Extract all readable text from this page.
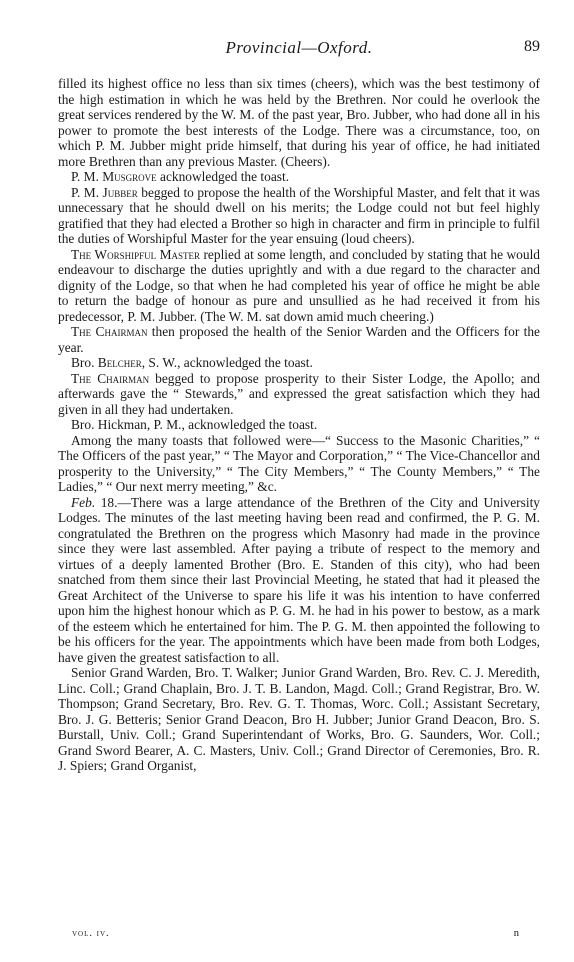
Provincial—Oxford.	89

filled its highest office no less than six times (cheers), which was the best testimony of the high estimation in which he was held by the Brethren. Nor could he overlook the great services rendered by the W. M. of the past year, Bro. Jubber, who had done all in his power to promote the best interests of the Lodge. There was a circumstance, too, on which P. M. Jubber might pride himself, that during his year of office, he had initiated more Brethren than any previous Master. (Cheers).

P. M. Musgrove acknowledged the toast.

P. M. Jubber begged to propose the health of the Worshipful Master, and felt that it was unnecessary that he should dwell on his merits; the Lodge could not but feel highly gratified that they had elected a Brother so high in character and firm in principle to fulfil the duties of Worshipful Master for the year ensuing (loud cheers).

The Worshipful Master replied at some length, and concluded by stating that he would endeavour to discharge the duties uprightly and with a due regard to the character and dignity of the Lodge, so that when he had completed his year of office he might be able to return the badge of honour as pure and unsullied as he had received it from his predecessor, P. M. Jubber. (The W. M. sat down amid much cheering.)

The Chairman then proposed the health of the Senior Warden and the Officers for the year.

Bro. Belcher, S. W., acknowledged the toast.

The Chairman begged to propose prosperity to their Sister Lodge, the Apollo; and afterwards gave the “ Stewards,” and expressed the great satisfaction which they had given in all they had undertaken.

Bro. Hickman, P. M., acknowledged the toast.

Among the many toasts that followed were—“ Success to the Masonic Charities,” “ The Officers of the past year,” “ The Mayor and Corporation,” “ The Vice-Chancellor and prosperity to the University,” “ The City Members,” “ The County Members,” “ The Ladies,” “ Our next merry meeting,” &c.

Feb. 18.—There was a large attendance of the Brethren of the City and University Lodges. The minutes of the last meeting having been read and confirmed, the P. G. M. congratulated the Brethren on the progress which Masonry had made in the province since they were last assembled. After paying a tribute of respect to the memory and virtues of a deeply lamented Brother (Bro. E. Standen of this city), who had been snatched from them since their last Provincial Meeting, he stated that had it pleased the Great Architect of the Universe to spare his life it was his intention to have conferred upon him the highest honour which as P. G. M. he had in his power to bestow, as a mark of the esteem which he entertained for him. The P. G. M. then appointed the following to be his officers for the year. The appointments which have been made from both Lodges, have given the greatest satisfaction to all.

Senior Grand Warden, Bro. T. Walker; Junior Grand Warden, Bro. Rev. C. J. Meredith, Linc. Coll.; Grand Chaplain, Bro. J. T. B. Landon, Magd. Coll.; Grand Registrar, Bro. W. Thompson; Grand Secretary, Bro. Rev. G. T. Thomas, Worc. Coll.; Assistant Secretary, Bro. J. G. Betteris; Senior Grand Deacon, Bro H. Jubber; Junior Grand Deacon, Bro. S. Burstall, Univ. Coll.; Grand Superintendant of Works, Bro. G. Saunders, Wor. Coll.; Grand Sword Bearer, A. C. Masters, Univ. Coll.; Grand Director of Ceremonies, Bro. R. J. Spiers; Grand Organist,

vol. iv.	n
